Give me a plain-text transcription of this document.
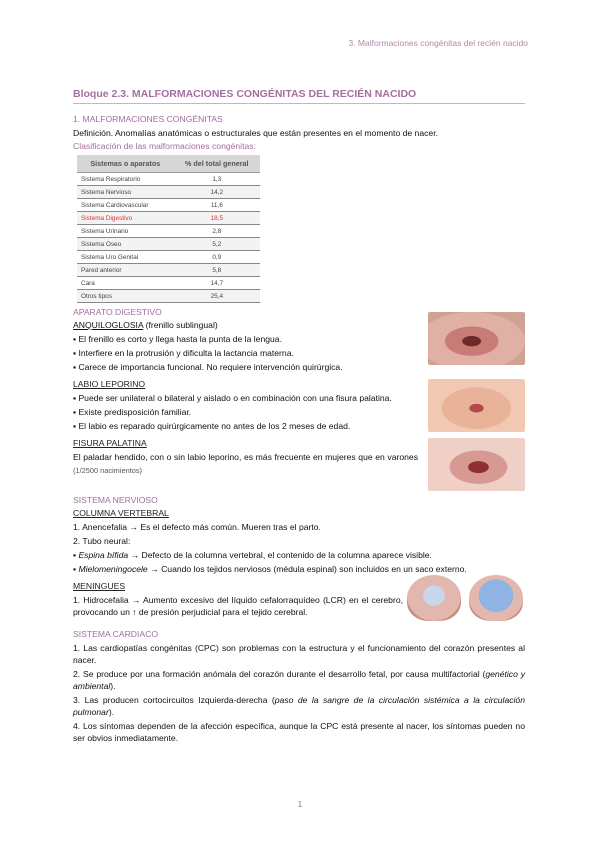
3. Malformaciones congénitas del recién nacido
Bloque 2.3. MALFORMACIONES CONGÉNITAS DEL RECIÉN NACIDO
1. MALFORMACIONES CONGÉNITAS

Definición. Anomalías anatómicas o estructurales que están presentes en el momento de nacer.

Clasificación de las malformaciones congénitas:
Sistemas o aparatos	% del total general
Sistema Respiratorio	1,3
Sistema Nervioso	14,2
Sistema Cardiovascular	11,6
Sistema Digestivo	18,5
Sistema Urinario	2,8
Sistema Oseo	5,2
Sistema Uro Genital	0,9
Pared anterior	5,8
Cara	14,7
Otros tipos	25,4
APARATO DIGESTIVO
ANQUILOGLOSIA (frenillo sublingual)

▪ El frenillo es corto y llega hasta la punta de la lengua.

▪ Interfiere en la protrusión y dificulta la lactancia materna.

▪ Carece de importancia funcional. No requiere intervención quirúrgica.

LABIO LEPORINO

▪ Puede ser unilateral o bilateral y aislado o en combinación con una fisura palatina.

▪ Existe predisposición familiar.

▪ El labio es reparado quirúrgicamente no antes de los 2 meses de edad.

FISURA PALATINA

El paladar hendido, con o sin labio leporino, es más frecuente en mujeres que en varones (1/2500 nacimientos)

SISTEMA NERVIOSO
COLUMNA VERTEBRAL

1. Anencefalia → Es el defecto más común. Mueren tras el parto.

2. Tubo neural:

▪ Espina bífida → Defecto de la columna vertebral, el contenido de la columna aparece visible.

▪ Mielomeningocele → Cuando los tejidos nerviosos (médula espinal) son incluidos en un saco externo.

MENINGUES

1. Hidrocefalia → Aumento excesivo del líquido cefalorraquídeo (LCR) en el cerebro, provocando un ↑ de presión perjudicial para el tejido cerebral.

SISTEMA CARDIACO

1. Las cardiopatías congénitas (CPC) son problemas con la estructura y el funcionamiento del corazón presentes al nacer.

2. Se produce por una formación anómala del corazón durante el desarrollo fetal, por causa multifactorial (genético y ambiental).

3. Las producen cortocircuitos Izquierda-derecha (paso de la sangre de la circulación sistémica a la circulación pulmonar).

4. Los síntomas dependen de la afección específica, aunque la CPC está presente al nacer, los síntomas pueden no ser obvios inmediatamente.

1
